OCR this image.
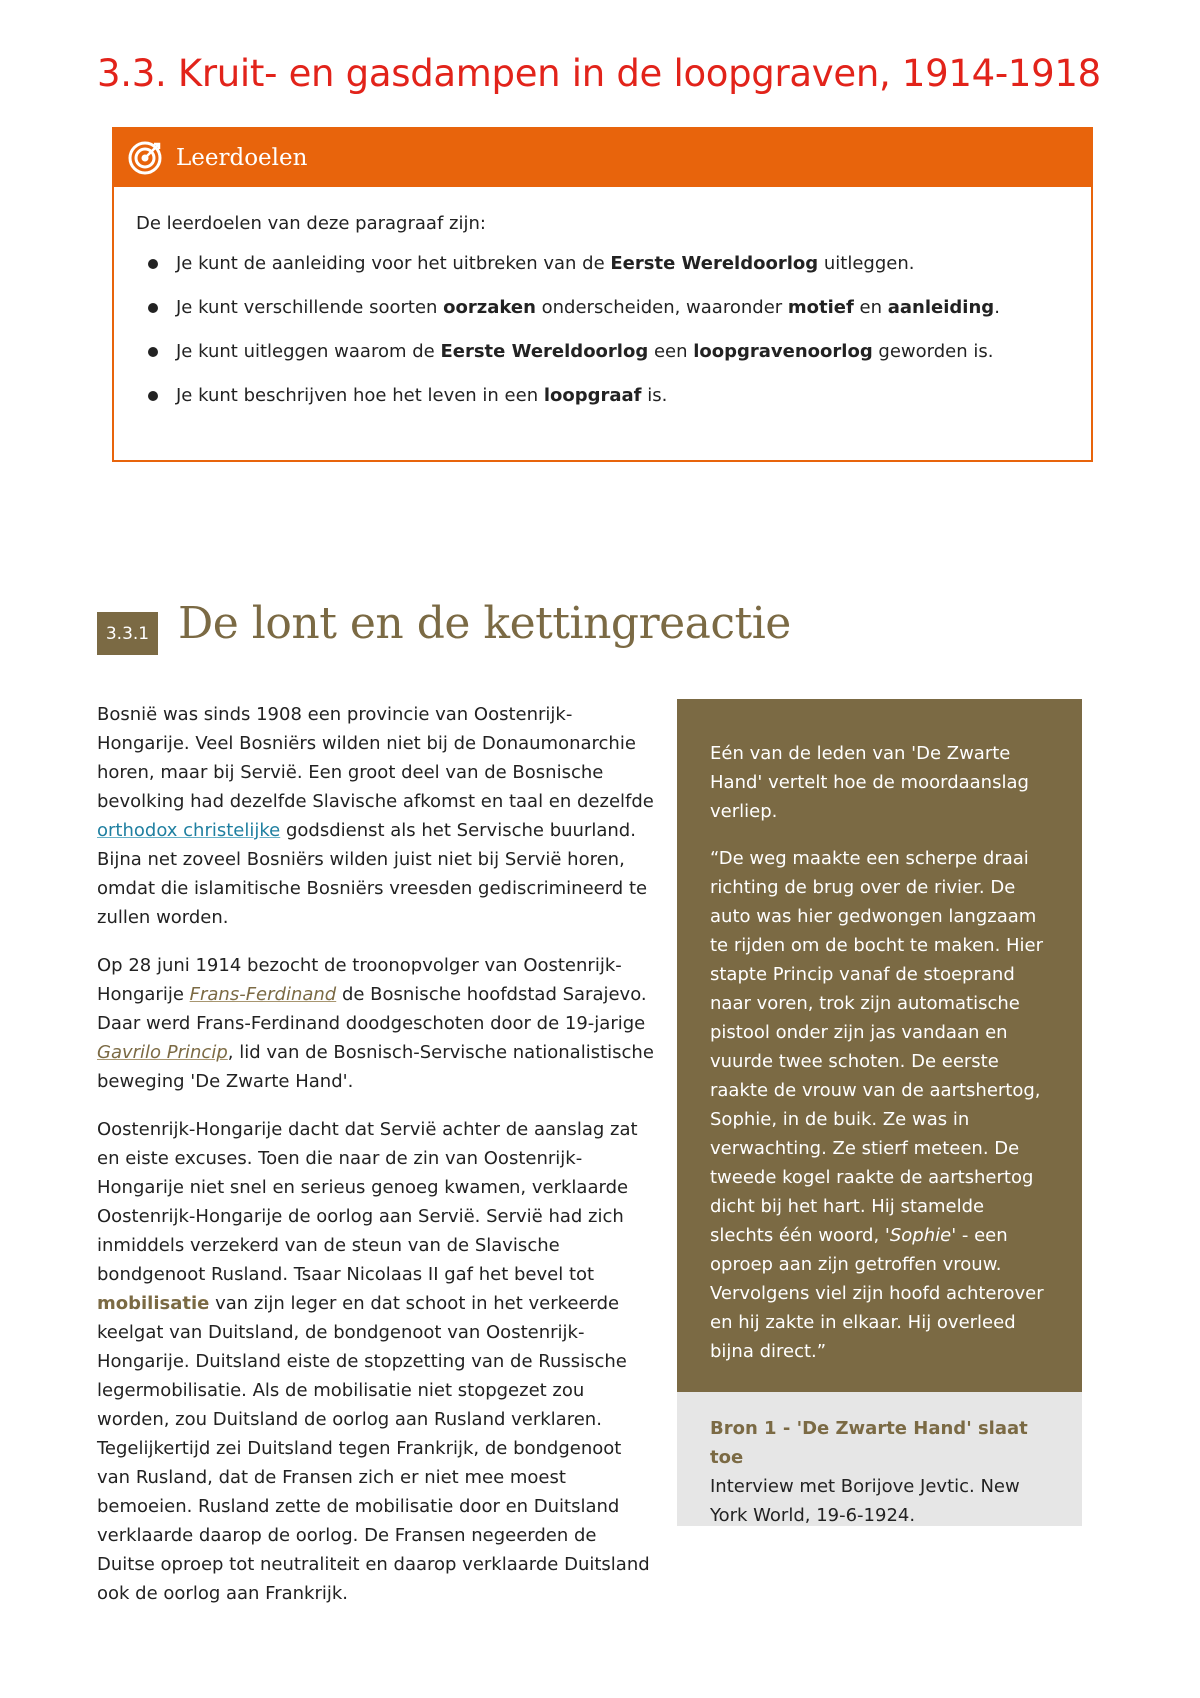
3.3. Kruit- en gasdampen in de loopgraven, 1914-1918
Leerdoelen
De leerdoelen van deze paragraaf zijn:
Je kunt de aanleiding voor het uitbreken van de Eerste Wereldoorlog uitleggen.
Je kunt verschillende soorten oorzaken onderscheiden, waaronder motief en aanleiding.
Je kunt uitleggen waarom de Eerste Wereldoorlog een loopgravenoorlog geworden is.
Je kunt beschrijven hoe het leven in een loopgraaf is.
3.3.1 De lont en de kettingreactie

Bosnië was sinds 1908 een provincie van Oostenrijk-Hongarije. Veel Bosniërs wilden niet bij de Donaumonarchie horen, maar bij Servië. Een groot deel van de Bosnische bevolking had dezelfde Slavische afkomst en taal en dezelfde orthodox christelijke godsdienst als het Servische buurland. Bijna net zoveel Bosniërs wilden juist niet bij Servië horen, omdat die islamitische Bosniërs vreesden gediscrimineerd te zullen worden.

Op 28 juni 1914 bezocht de troonopvolger van Oostenrijk-Hongarije Frans-Ferdinand de Bosnische hoofdstad Sarajevo. Daar werd Frans-Ferdinand doodgeschoten door de 19-jarige Gavrilo Princip, lid van de Bosnisch-Servische nationalistische beweging 'De Zwarte Hand'.

Oostenrijk-Hongarije dacht dat Servië achter de aanslag zat en eiste excuses. Toen die naar de zin van Oostenrijk-Hongarije niet snel en serieus genoeg kwamen, verklaarde Oostenrijk-Hongarije de oorlog aan Servië. Servië had zich inmiddels verzekerd van de steun van de Slavische bondgenoot Rusland. Tsaar Nicolaas II gaf het bevel tot mobilisatie van zijn leger en dat schoot in het verkeerde keelgat van Duitsland, de bondgenoot van Oostenrijk-Hongarije. Duitsland eiste de stopzetting van de Russische legermobilisatie. Als de mobilisatie niet stopgezet zou worden, zou Duitsland de oorlog aan Rusland verklaren. Tegelijkertijd zei Duitsland tegen Frankrijk, de bondgenoot van Rusland, dat de Fransen zich er niet mee moest bemoeien. Rusland zette de mobilisatie door en Duitsland verklaarde daarop de oorlog. De Fransen negeerden de Duitse oproep tot neutraliteit en daarop verklaarde Duitsland ook de oorlog aan Frankrijk.

Eén van de leden van 'De Zwarte Hand' vertelt hoe de moordaanslag verliep.

“De weg maakte een scherpe draai richting de brug over de rivier. De auto was hier gedwongen langzaam te rijden om de bocht te maken. Hier stapte Princip vanaf de stoeprand naar voren, trok zijn automatische pistool onder zijn jas vandaan en vuurde twee schoten. De eerste raakte de vrouw van de aartshertog, Sophie, in de buik. Ze was in verwachting. Ze stierf meteen. De tweede kogel raakte de aartshertog dicht bij het hart. Hij stamelde slechts één woord, 'Sophie' - een oproep aan zijn getroffen vrouw. Vervolgens viel zijn hoofd achterover en hij zakte in elkaar. Hij overleed bijna direct.”

Bron 1 - 'De Zwarte Hand' slaat toe
Interview met Borijove Jevtic. New York World, 19-6-1924.
